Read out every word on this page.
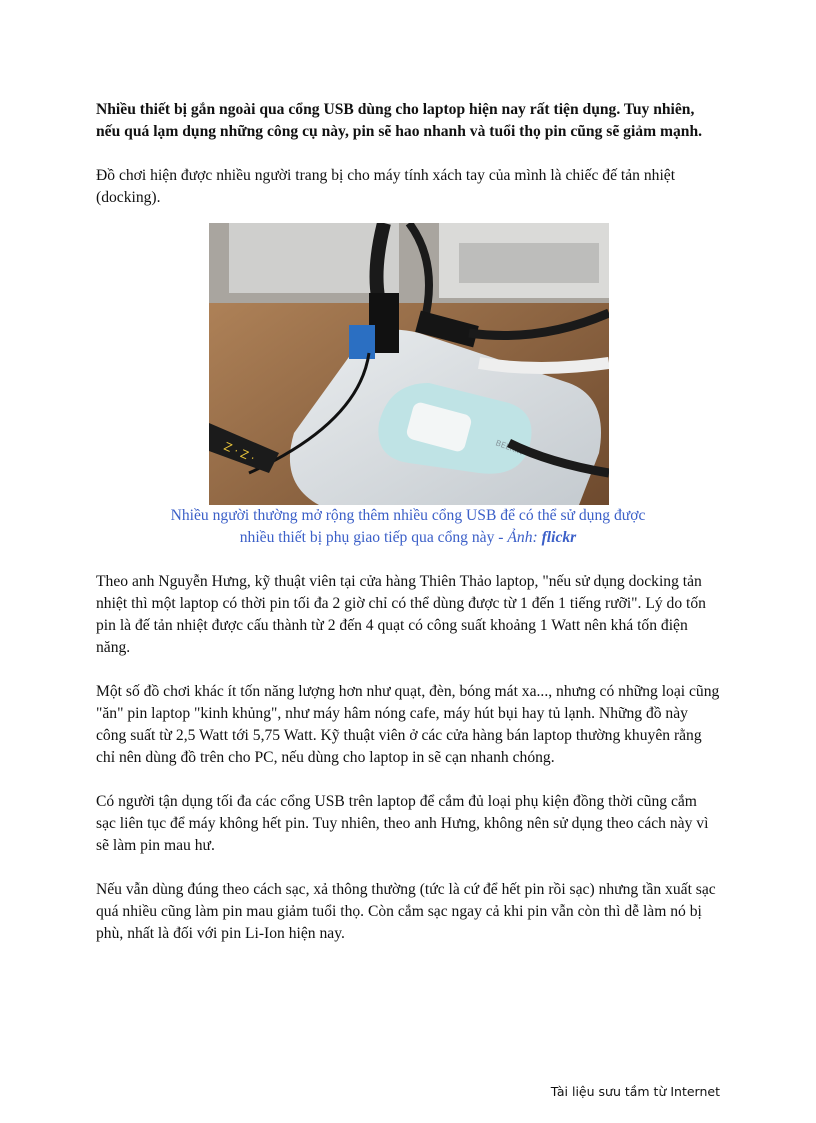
Nhiều thiết bị gắn ngoài qua cổng USB dùng cho laptop hiện nay rất tiện dụng. Tuy nhiên, nếu quá lạm dụng những công cụ này, pin sẽ hao nhanh và tuổi thọ pin cũng sẽ giảm mạnh.

Đồ chơi hiện được nhiều người trang bị cho máy tính xách tay của mình là chiếc đế tản nhiệt (docking).

BELKIN
Z · Z ·
Nhiều người thường mở rộng thêm nhiều cổng USB để có thể sử dụng được
nhiều thiết bị phụ giao tiếp qua cổng này - Ảnh: flickr

Theo anh Nguyễn Hưng, kỹ thuật viên tại cửa hàng Thiên Thảo laptop, "nếu sử dụng docking tản nhiệt thì một laptop có thời pin tối đa 2 giờ chỉ có thể dùng được từ 1 đến 1 tiếng rưỡi". Lý do tốn pin là đế tản nhiệt được cấu thành từ 2 đến 4 quạt có công suất khoảng 1 Watt nên khá tốn điện năng.

Một số đồ chơi khác ít tốn năng lượng hơn như quạt, đèn, bóng mát xa..., nhưng có những loại cũng "ăn" pin laptop "kinh khủng", như máy hâm nóng cafe, máy hút bụi hay tủ lạnh. Những đồ này công suất từ 2,5 Watt tới 5,75 Watt. Kỹ thuật viên ở các cửa hàng bán laptop thường khuyên rằng chỉ nên dùng đồ trên cho PC, nếu dùng cho laptop in sẽ cạn nhanh chóng.

Có người tận dụng tối đa các cổng USB trên laptop để cắm đủ loại phụ kiện đồng thời cũng cắm sạc liên tục để máy không hết pin. Tuy nhiên, theo anh Hưng, không nên sử dụng theo cách này vì sẽ làm pin mau hư.

Nếu vẫn dùng đúng theo cách sạc, xả thông thường (tức là cứ để hết pin rồi sạc) nhưng tần xuất sạc quá nhiều cũng làm pin mau giảm tuổi thọ. Còn cắm sạc ngay cả khi pin vẫn còn thì dễ làm nó bị phù, nhất là đối với pin Li-Ion hiện nay.

Tài liệu sưu tầm từ Internet
